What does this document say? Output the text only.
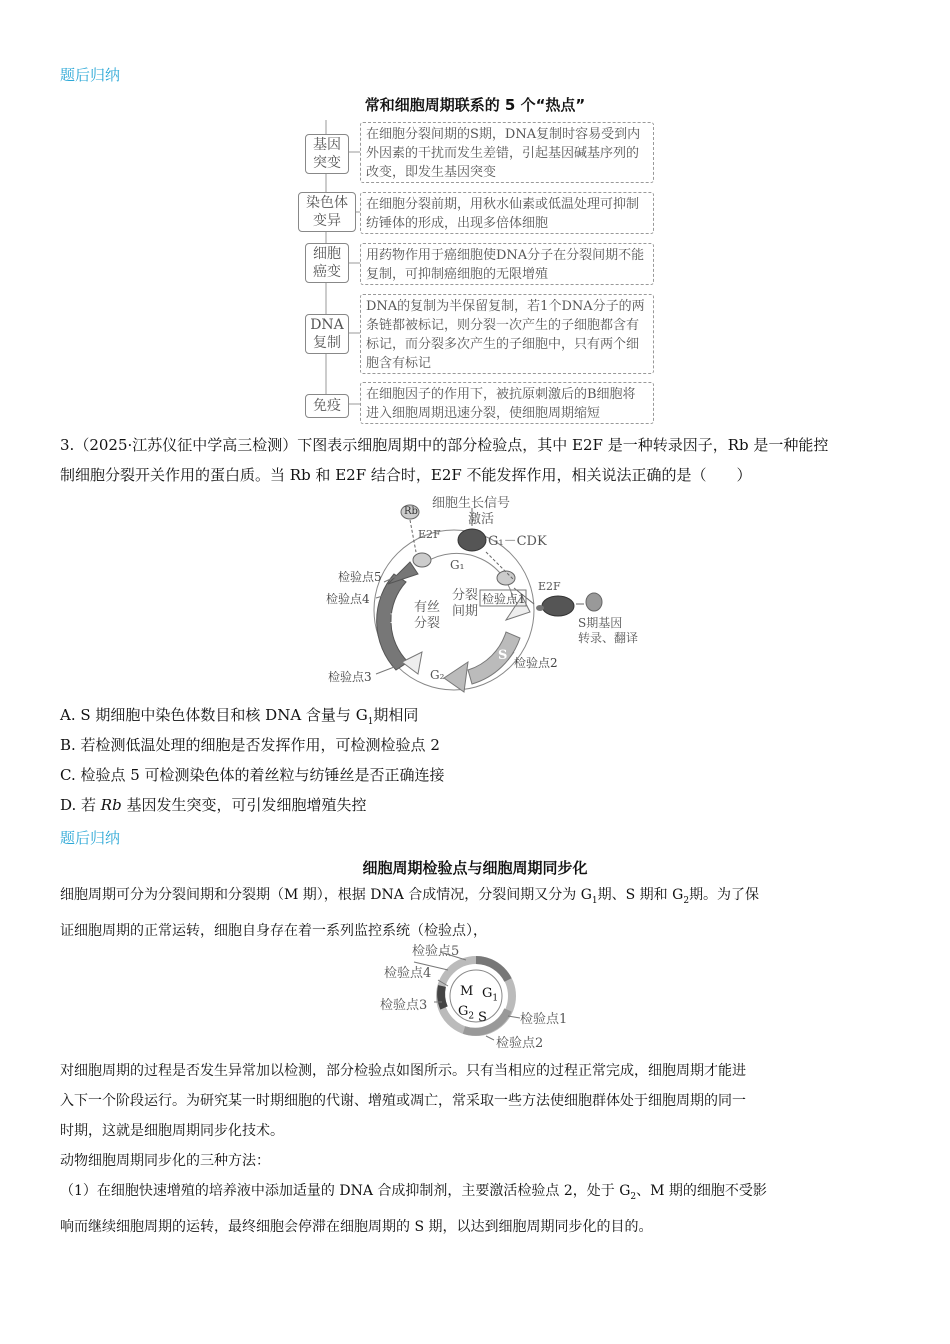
题后归纳
常和细胞周期联系的 5 个“热点”
基因
突变
在细胞分裂间期的S期，DNA复制时容易受到内外因素的干扰而发生差错，引起基因碱基序列的改变，即发生基因突变
染色体
变异
在细胞分裂前期，用秋水仙素或低温处理可抑制纺锤体的形成，出现多倍体细胞
细胞
癌变
用药物作用于癌细胞使DNA分子在分裂间期不能复制，可抑制癌细胞的无限增殖
DNA
复制
DNA的复制为半保留复制，若1个DNA分子的两条链都被标记，则分裂一次产生的子细胞都含有标记，而分裂多次产生的子细胞中，只有两个细胞含有标记
免疫
在细胞因子的作用下，被抗原刺激后的B细胞将进入细胞周期迅速分裂，使细胞周期缩短
3.（2025·江苏仪征中学高三检测）下图表示细胞周期中的部分检验点，其中 E2F 是一种转录因子，Rb 是一种能控
制细胞分裂开关作用的蛋白质。当 Rb 和 E2F 结合时，E2F 不能发挥作用，相关说法正确的是（　　）
细胞生长信号
激活
G₁－CDK
Rb
E2F
E2F
G₁
G₂
M
S
有丝
分裂
分裂
间期
检验点1
检验点2
检验点3
检验点4
检验点5
S期基因
转录、翻译
A. S 期细胞中染色体数目和核 DNA 含量与 $G_1$期相同
B. 若检测低温处理的细胞是否发挥作用，可检测检验点 2
C. 检验点 5 可检测染色体的着丝粒与纺锤丝是否正确连接
D. 若 Rb 基因发生突变，可引发细胞增殖失控
题后归纳
细胞周期检验点与细胞周期同步化
细胞周期可分为分裂间期和分裂期（M 期），根据 DNA 合成情况，分裂间期又分为 $G_1$期、S 期和 $G_2$期。为了保
证细胞周期的正常运转，细胞自身存在着一系列监控系统（检验点），
检验点5
检验点4
检验点3
检验点1
检验点2
M $G_1$
$G_2$ S
对细胞周期的过程是否发生异常加以检测，部分检验点如图所示。只有当相应的过程正常完成，细胞周期才能进
入下一个阶段运行。为研究某一时期细胞的代谢、增殖或凋亡，常采取一些方法使细胞群体处于细胞周期的同一
时期，这就是细胞周期同步化技术。
动物细胞周期同步化的三种方法：
（1）在细胞快速增殖的培养液中添加适量的 DNA 合成抑制剂，主要激活检验点 2，处于 $G_2$、M 期的细胞不受影
响而继续细胞周期的运转，最终细胞会停滞在细胞周期的 S 期，以达到细胞周期同步化的目的。
